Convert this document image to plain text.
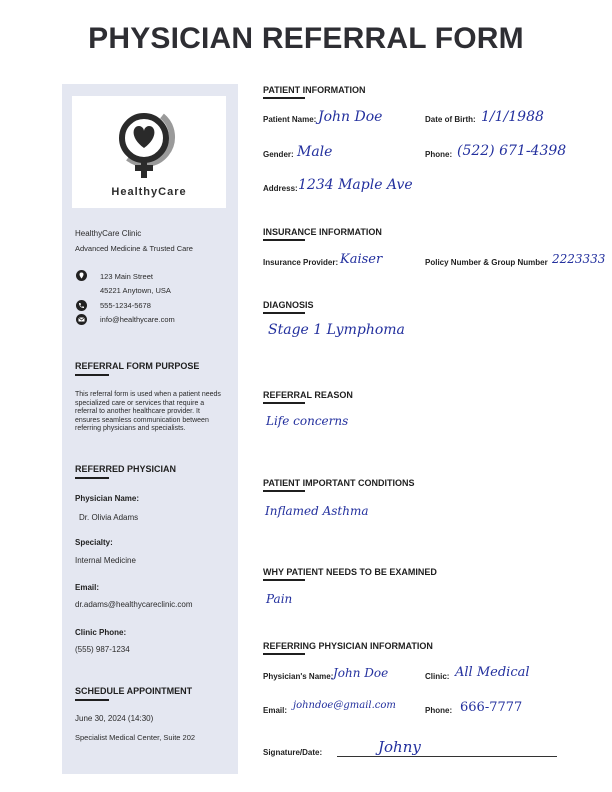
PHYSICIAN REFERRAL FORM
HealthyCare
HealthyCare Clinic
Advanced Medicine & Trusted Care
123 Main Street
45221 Anytown, USA
555-1234-5678
info@healthycare.com
REFERRAL FORM PURPOSE
This referral form is used when a patient needs specialized care or services that require a referral to another healthcare provider. It ensures seamless communication between referring physicians and specialists.
REFERRED PHYSICIAN
Physician Name:
Dr. Olivia Adams
Specialty:
Internal Medicine
Email:
dr.adams@healthycareclinic.com
Clinic Phone:
(555) 987-1234
SCHEDULE APPOINTMENT
June 30, 2024 (14:30)
Specialist Medical Center, Suite 202
PATIENT INFORMATION
Patient Name: John Doe	Date of Birth: 1/1/1988
Gender: Male	Phone: (522) 671-4398
Address: 1234 Maple Ave
INSURANCE INFORMATION
Insurance Provider: Kaiser	Policy Number & Group Number 2223333
DIAGNOSIS
Stage 1 Lymphoma
REFERRAL REASON
Life concerns
PATIENT IMPORTANT CONDITIONS
Inflamed Asthma
WHY PATIENT NEEDS TO BE EXAMINED
Pain
REFERRING PHYSICIAN INFORMATION
Physician's Name: John Doe	Clinic: All Medical
Email: johndoe@gmail.com	Phone: 666-7777
Signature/Date:	Johny
